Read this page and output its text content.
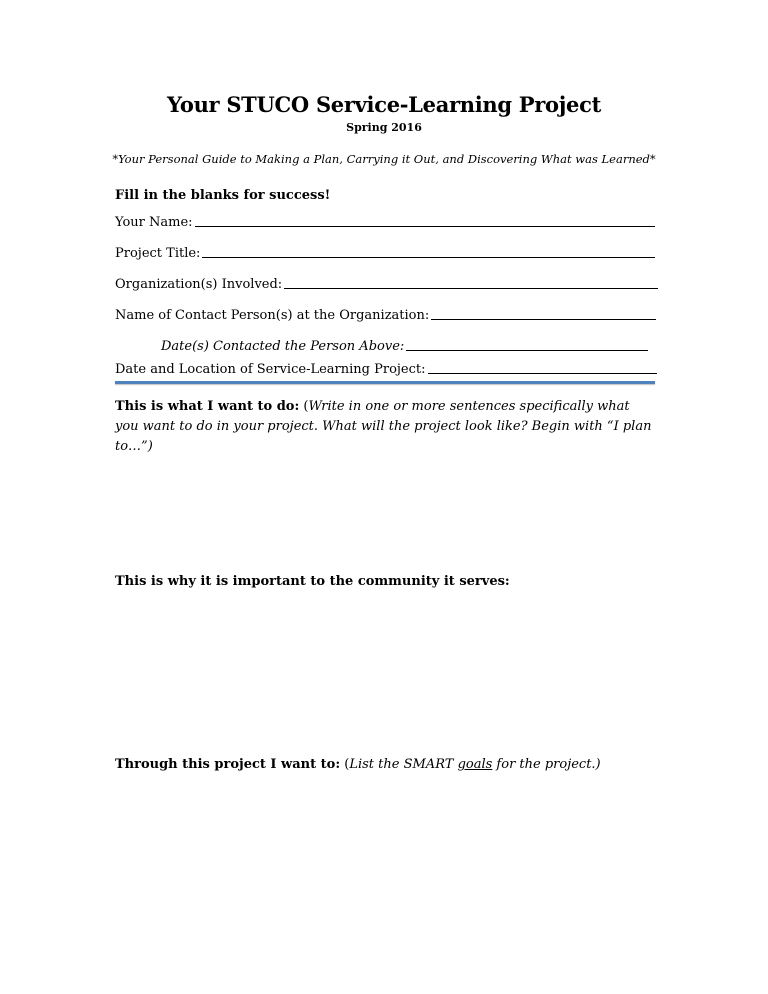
Your STUCO Service-Learning Project
Spring 2016
*Your Personal Guide to Making a Plan, Carrying it Out, and Discovering What was Learned*
Fill in the blanks for success!
Your Name:
Project Title:
Organization(s) Involved:
Name of Contact Person(s) at the Organization:
Date(s) Contacted the Person Above:
Date and Location of Service-Learning Project:
This is what I want to do: (Write in one or more sentences specifically what you want to do in your project. What will the project look like? Begin with “I plan to…”)
This is why it is important to the community it serves:
Through this project I want to: (List the SMART goals for the project.)
